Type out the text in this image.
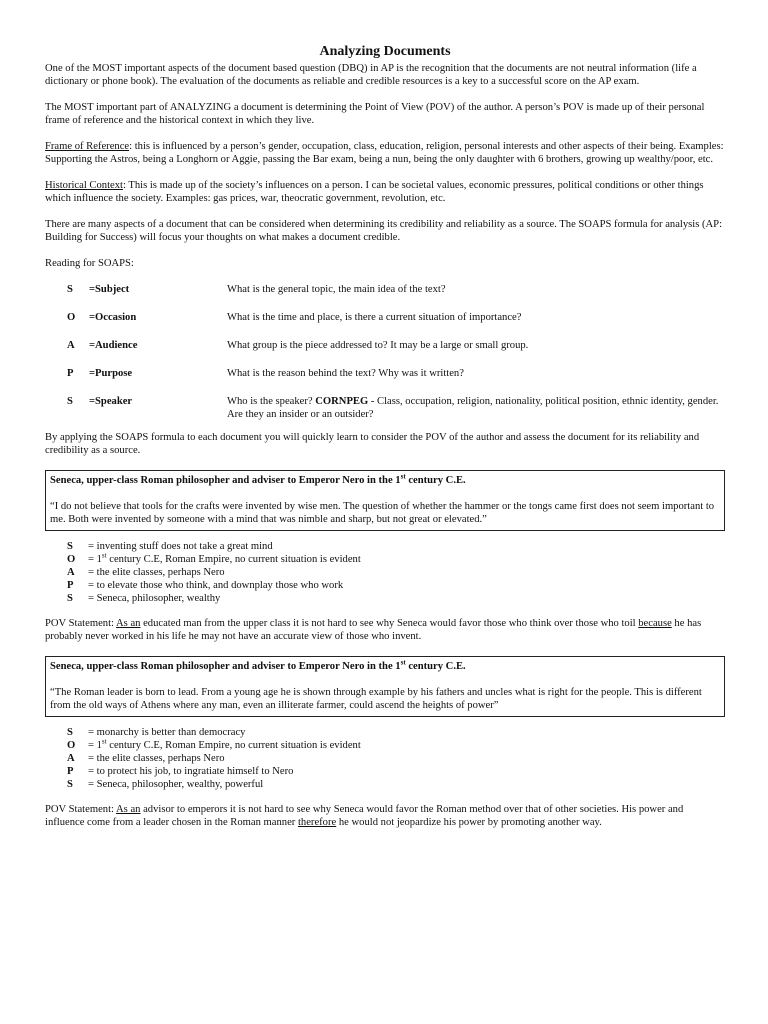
Analyzing Documents

One of the MOST important aspects of the document based question (DBQ) in AP is the recognition that the documents are not neutral information (life a dictionary or phone book). The evaluation of the documents as reliable and credible resources is a key to a successful score on the AP exam.

The MOST important part of ANALYZING a document is determining the Point of View (POV) of the author. A person’s POV is made up of their personal frame of reference and the historical context in which they live.

Frame of Reference: this is influenced by a person’s gender, occupation, class, education, religion, personal interests and other aspects of their being. Examples: Supporting the Astros, being a Longhorn or Aggie, passing the Bar exam, being a nun, being the only daughter with 6 brothers, growing up wealthy/poor, etc.

Historical Context: This is made up of the society’s influences on a person. I can be societal values, economic pressures, political conditions or other things which influence the society. Examples: gas prices, war, theocratic government, revolution, etc.

There are many aspects of a document that can be considered when determining its credibility and reliability as a source. The SOAPS formula for analysis (AP: Building for Success) will focus your thoughts on what makes a document credible.

Reading for SOAPS:

S	=Subject	What is the general topic, the main idea of the text?
O	=Occasion	What is the time and place, is there a current situation of importance?
A	=Audience	What group is the piece addressed to? It may be a large or small group.
P	=Purpose	What is the reason behind the text? Why was it written?
S	=Speaker	Who is the speaker? CORNPEG - Class, occupation, religion, nationality, political position, ethnic identity, gender. Are they an insider or an outsider?

By applying the SOAPS formula to each document you will quickly learn to consider the POV of the author and assess the document for its reliability and credibility as a source.

Seneca, upper-class Roman philosopher and adviser to Emperor Nero in the 1st century C.E.
“I do not believe that tools for the crafts were invented by wise men. The question of whether the hammer or the tongs came first does not seem important to me. Both were invented by someone with a mind that was nimble and sharp, but not great or elevated.”
S	= inventing stuff does not take a great mind
O	= 1st century C.E, Roman Empire, no current situation is evident
A	= the elite classes, perhaps Nero
P	= to elevate those who think, and downplay those who work
S	= Seneca, philosopher, wealthy

POV Statement: As an educated man from the upper class it is not hard to see why Seneca would favor those who think over those who toil because he has probably never worked in his life he may not have an accurate view of those who invent.

Seneca, upper-class Roman philosopher and adviser to Emperor Nero in the 1st century C.E.
“The Roman leader is born to lead. From a young age he is shown through example by his fathers and uncles what is right for the people. This is different from the old ways of Athens where any man, even an illiterate farmer, could ascend the heights of power”
S	= monarchy is better than democracy
O	= 1st century C.E, Roman Empire, no current situation is evident
A	= the elite classes, perhaps Nero
P	= to protect his job, to ingratiate himself to Nero
S	= Seneca, philosopher, wealthy, powerful

POV Statement: As an advisor to emperors it is not hard to see why Seneca would favor the Roman method over that of other societies. His power and influence come from a leader chosen in the Roman manner therefore he would not jeopardize his power by promoting another way.
